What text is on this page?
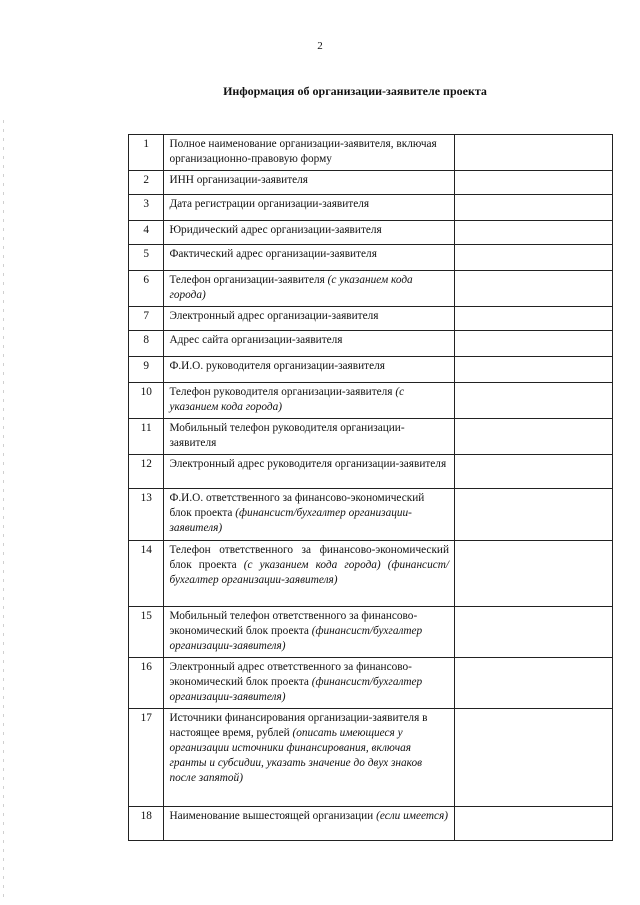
2
Информация об организации-заявителе проекта
1	Полное наименование организации-заявителя, включая организационно-правовую форму	
2	ИНН организации-заявителя	
3	Дата регистрации организации-заявителя	
4	Юридический адрес организации-заявителя	
5	Фактический адрес организации-заявителя	
6	Телефон организации-заявителя (с указанием кода города)	
7	Электронный адрес организации-заявителя	
8	Адрес сайта организации-заявителя	
9	Ф.И.О. руководителя организации-заявителя	
10	Телефон руководителя организации-заявителя (с указанием кода города)	
11	Мобильный телефон руководителя организации-заявителя	
12	Электронный адрес руководителя организации-заявителя	
13	Ф.И.О. ответственного за финансово-экономический блок проекта (финансист/бухгалтер организации-заявителя)	
14	Телефон ответственного за финансово-экономический блок проекта (с указанием кода города) (финансист/бухгалтер организации-заявителя)	
15	Мобильный телефон ответственного за финансово-экономический блок проекта (финансист/бухгалтер организации-заявителя)	
16	Электронный адрес ответственного за финансово-экономический блок проекта (финансист/бухгалтер организации-заявителя)	
17	Источники финансирования организации-заявителя в настоящее время, рублей (описать имеющиеся у организации источники финансирования, включая гранты и субсидии, указать значение до двух знаков после запятой)	
18	Наименование вышестоящей организации (если имеется)	
